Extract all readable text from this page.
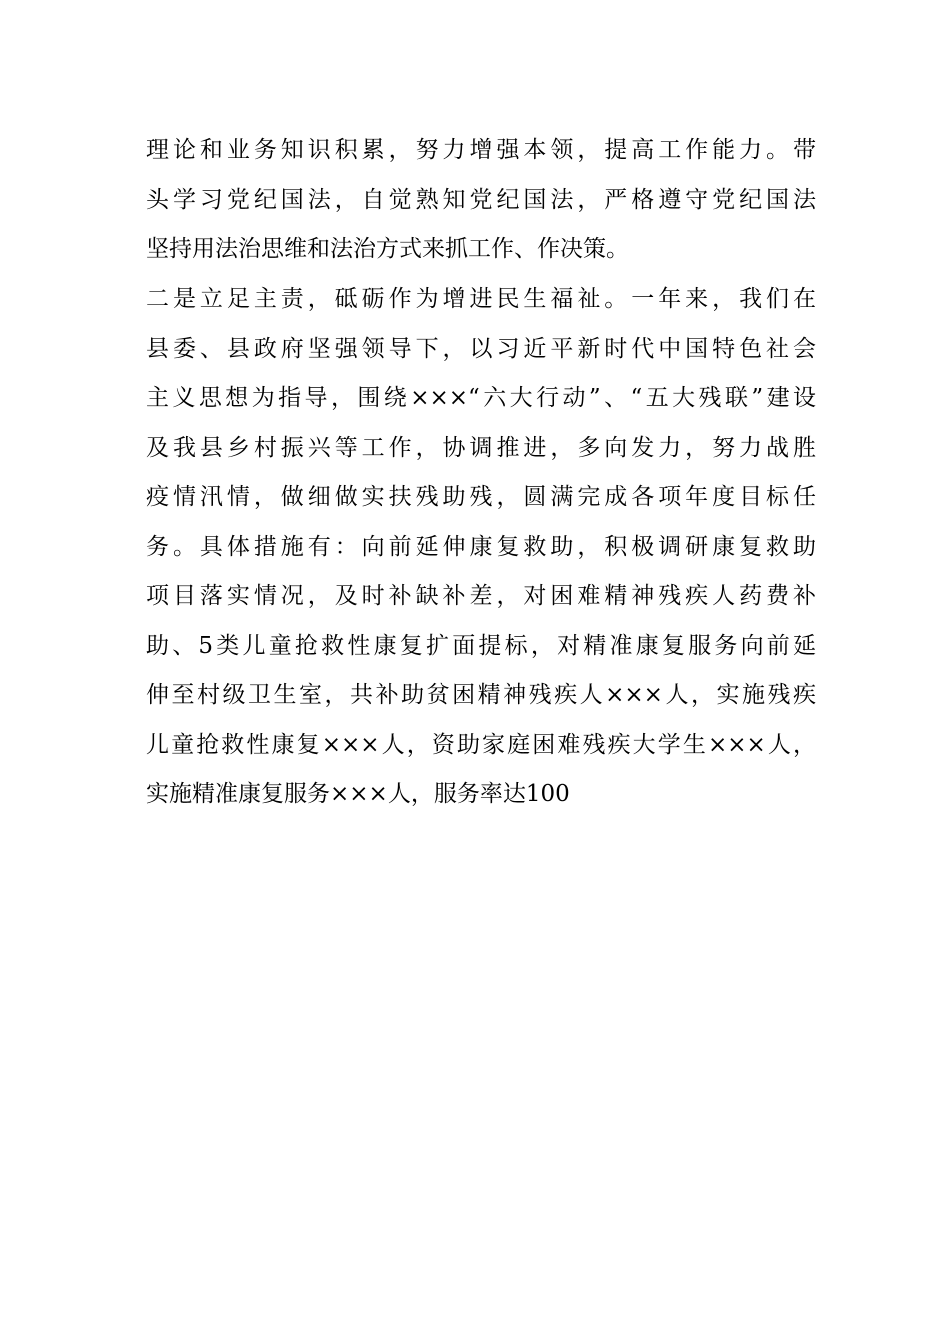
理论和业务知识积累，努力增强本领，提高工作能力。带
头学习党纪国法，自觉熟知党纪国法，严格遵守党纪国法
坚持用法治思维和法治方式来抓工作、作决策。
二是立足主责，砥砺作为增进民生福祉。一年来，我们在
县委、县政府坚强领导下，以习近平新时代中国特色社会
主义思想为指导，围绕×××“六大行动”、“五大残联”建设
及我县乡村振兴等工作，协调推进，多向发力，努力战胜
疫情汛情，做细做实扶残助残，圆满完成各项年度目标任
务。具体措施有：向前延伸康复救助，积极调研康复救助
项目落实情况，及时补缺补差，对困难精神残疾人药费补
助、5类儿童抢救性康复扩面提标，对精准康复服务向前延
伸至村级卫生室，共补助贫困精神残疾人×××人，实施残疾
儿童抢救性康复×××人，资助家庭困难残疾大学生×××人，
实施精准康复服务×××人，服务率达100
